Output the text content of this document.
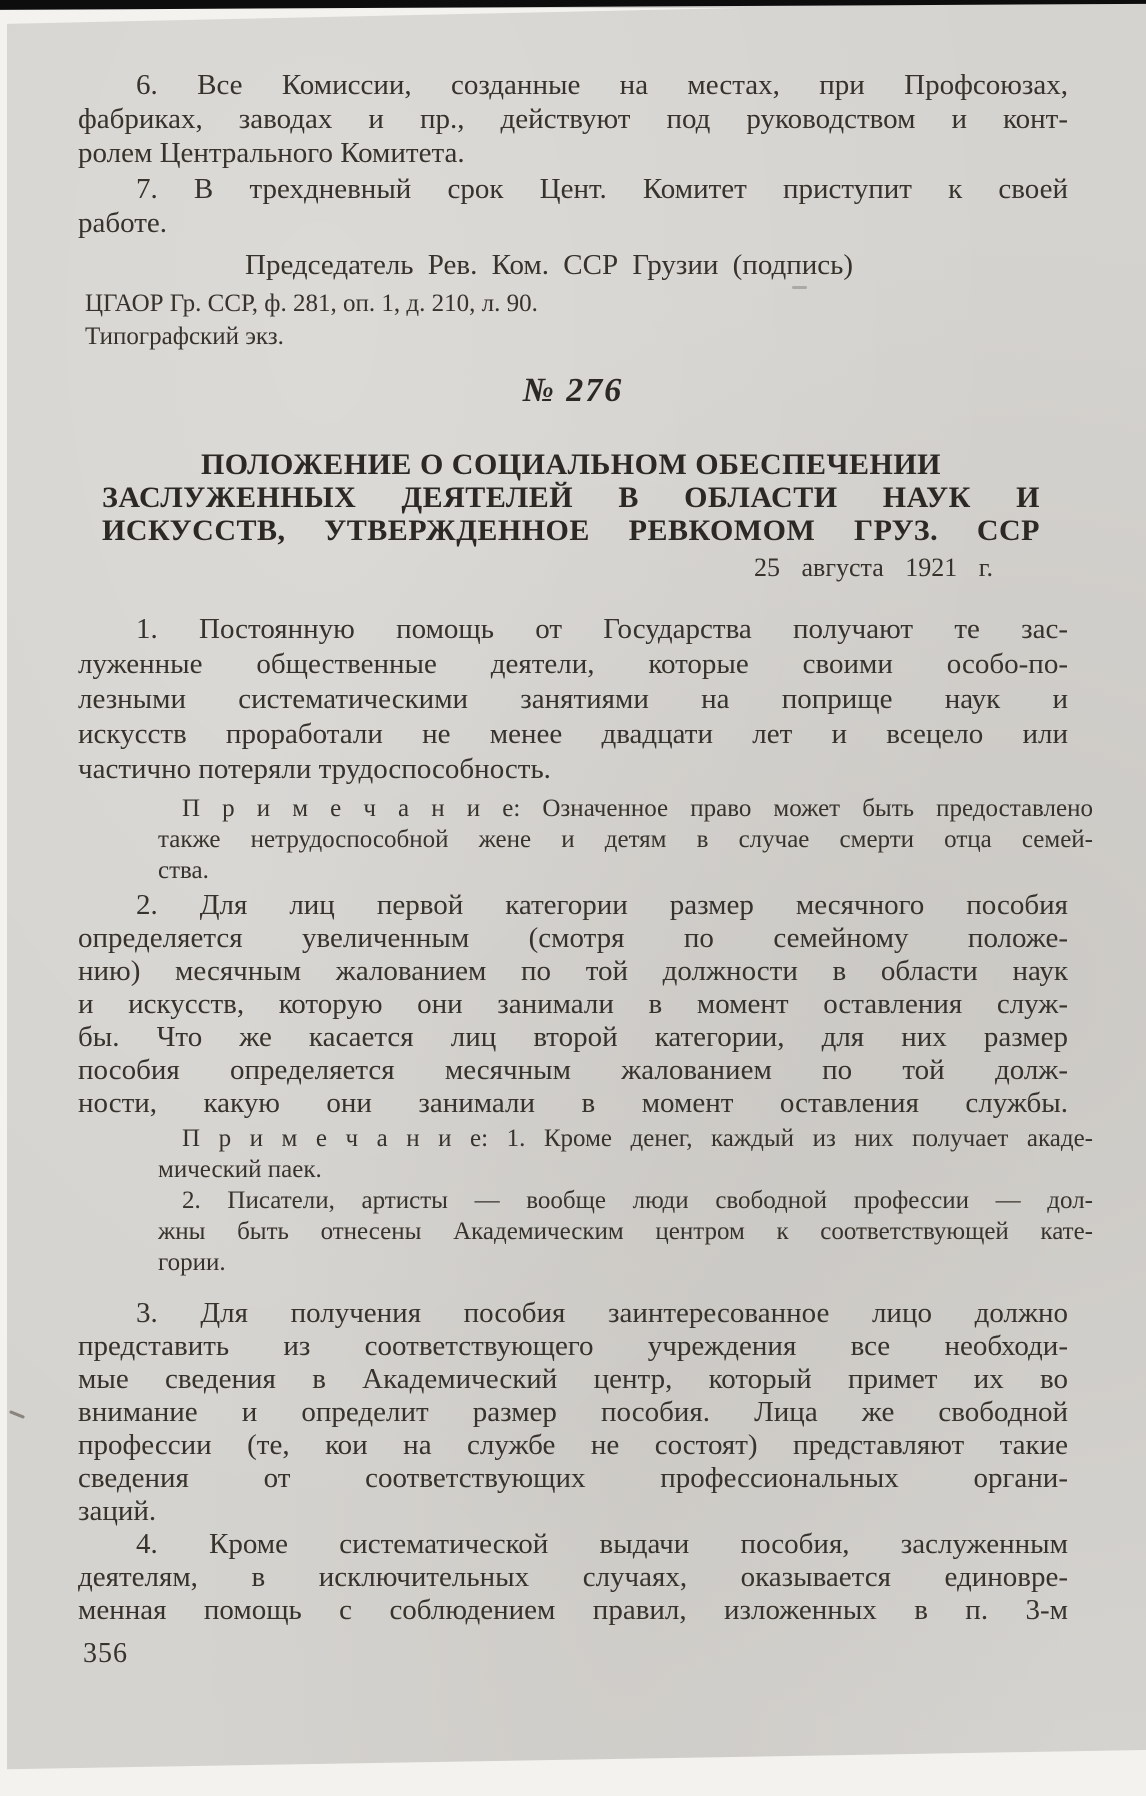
6. Все Комиссии, созданные на местах, при Профсоюзах,
фабриках, заводах и пр., действуют под руководством и конт-
ролем Центрального Комитета.
7. В трехдневный срок Цент. Комитет приступит к своей
работе.
Председатель Рев. Ком. ССР Грузии (подпись)
ЦГАОР Гр. ССР, ф. 281, оп. 1, д. 210, л. 90.
Типографский экз.
№ 276
ПОЛОЖЕНИЕ О СОЦИАЛЬНОМ ОБЕСПЕЧЕНИИ
ЗАСЛУЖЕННЫХ ДЕЯТЕЛЕЙ В ОБЛАСТИ НАУК И
ИСКУССТВ, УТВЕРЖДЕННОЕ РЕВКОМОМ ГРУЗ. ССР
25 августа 1921 г.
1. Постоянную помощь от Государства получают те зас-
луженные общественные деятели, которые своими особо-по-
лезными систематическими занятиями на поприще наук и
искусств проработали не менее двадцати лет и всецело или
частично потеряли трудоспособность.
П р и м е ч а н и е: Означенное право может быть предоставлено
также нетрудоспособной жене и детям в случае смерти отца семей-
ства.
2. Для лиц первой категории размер месячного пособия
определяется увеличенным (смотря по семейному положе-
нию) месячным жалованием по той должности в области наук
и искусств, которую они занимали в момент оставления служ-
бы. Что же касается лиц второй категории, для них размер
пособия определяется месячным жалованием по той долж-
ности, какую они занимали в момент оставления службы.
П р и м е ч а н и е: 1. Кроме денег, каждый из них получает акаде-
мический паек.
2. Писатели, артисты — вообще люди свободной профессии — дол-
жны быть отнесены Академическим центром к соответствующей кате-
гории.
3. Для получения пособия заинтересованное лицо должно
представить из соответствующего учреждения все необходи-
мые сведения в Академический центр, который примет их во
внимание и определит размер пособия. Лица же свободной
профессии (те, кои на службе не состоят) представляют такие
сведения от соответствующих профессиональных органи-
заций.
4. Кроме систематической выдачи пособия, заслуженным
деятелям, в исключительных случаях, оказывается единовре-
менная помощь с соблюдением правил, изложенных в п. 3-м
356
